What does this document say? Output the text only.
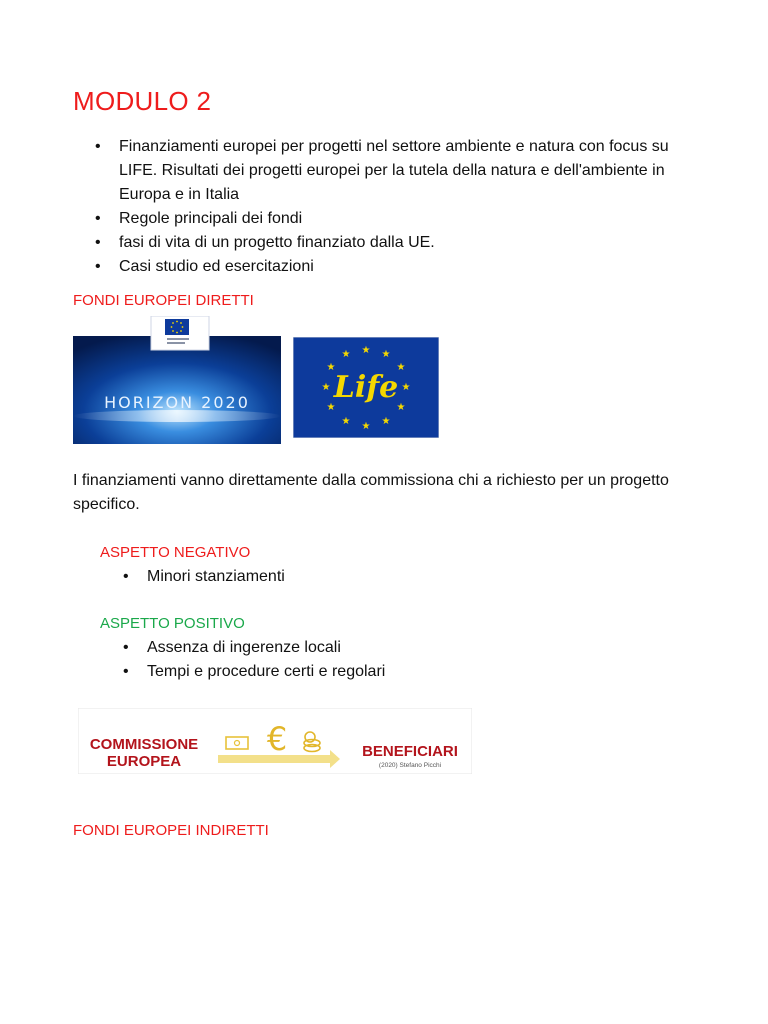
MODULO 2
• Finanziamenti europei per progetti nel settore ambiente e natura con focus su LIFE. Risultati dei progetti europei per la tutela della natura e dell'ambiente in Europa e in Italia
• Regole principali dei fondi
• fasi di vita di un progetto finanziato dalla UE.
• Casi studio ed esercitazioni
FONDI EUROPEI DIRETTI
HORIZON 2020
★ ★
★
★
★
★
★
★
★
★
★
★
Life
I finanziamenti vanno direttamente dalla commissiona chi a richiesto per un progetto specifico.
ASPETTO NEGATIVO
• Minori stanziamenti
ASPETTO POSITIVO
• Assenza di ingerenze locali
• Tempi e procedure certi e regolari
COMMISSIONE
EUROPEA
€	BENEFICIARI
(2020) Stefano Picchi
FONDI EUROPEI INDIRETTI
